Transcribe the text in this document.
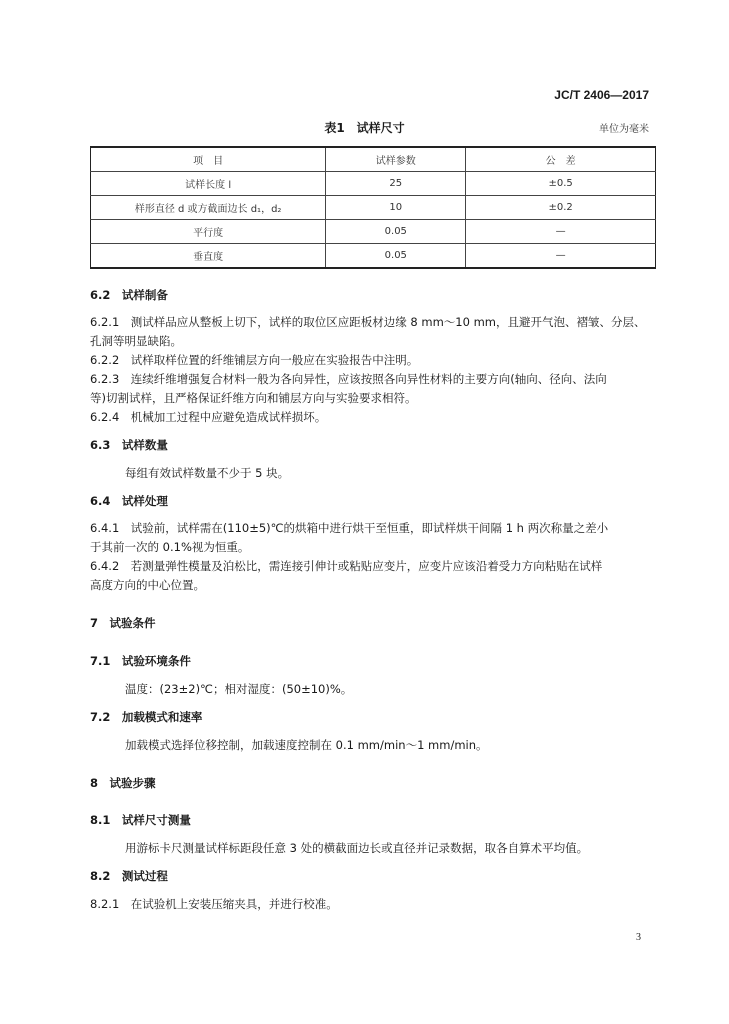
JC/T 2406—2017
表1　试样尺寸	单位为毫米
项　目	试样参数	公　差
试样长度 l	25	±0.5
样形直径 d 或方截面边长 d₁，d₂	10	±0.2
平行度	0.05	—
垂直度	0.05	—
6.2　试样制备
6.2.1　测试样品应从整板上切下，试样的取位区应距板材边缘 8 mm～10 mm，且避开气泡、褶皱、分层、
孔洞等明显缺陷。
6.2.2　试样取样位置的纤维铺层方向一般应在实验报告中注明。
6.2.3　连续纤维增强复合材料一般为各向异性，应该按照各向异性材料的主要方向(轴向、径向、法向
等)切割试样，且严格保证纤维方向和铺层方向与实验要求相符。
6.2.4　机械加工过程中应避免造成试样损坏。
6.3　试样数量
每组有效试样数量不少于 5 块。
6.4　试样处理
6.4.1　试验前，试样需在(110±5)℃的烘箱中进行烘干至恒重，即试样烘干间隔 1 h 两次称量之差小
于其前一次的 0.1%视为恒重。
6.4.2　若测量弹性模量及泊松比，需连接引伸计或粘贴应变片，应变片应该沿着受力方向粘贴在试样
高度方向的中心位置。
7　试验条件
7.1　试验环境条件
温度：(23±2)℃；相对湿度：(50±10)%。
7.2　加载模式和速率
加载模式选择位移控制，加载速度控制在 0.1 mm/min～1 mm/min。
8　试验步骤
8.1　试样尺寸测量
用游标卡尺测量试样标距段任意 3 处的横截面边长或直径并记录数据，取各自算术平均值。
8.2　测试过程
8.2.1　在试验机上安装压缩夹具，并进行校准。
3
